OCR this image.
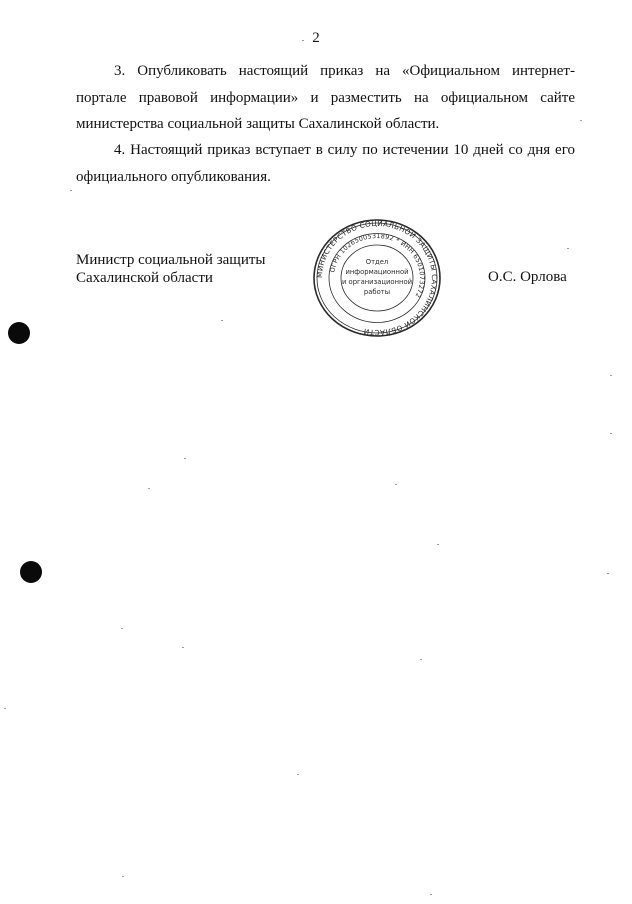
2

3. Опубликовать настоящий приказ на «Официальном интернет-портале правовой информации» и разместить на официальном сайте министерства социальной защиты Сахалинской области.

4. Настоящий приказ вступает в силу по истечении 10 дней со дня его официального опубликования.

Министр социальной защиты
Сахалинской области	О.С. Орлова
МИНИСТЕРСТВО СОЦИАЛЬНОЙ ЗАЩИТЫ САХАЛИНСКОЙ ОБЛАСТИ
ОГРН 1026500531892 * ИНН 6501073272
Отдел
информационной
и организационной
работы
